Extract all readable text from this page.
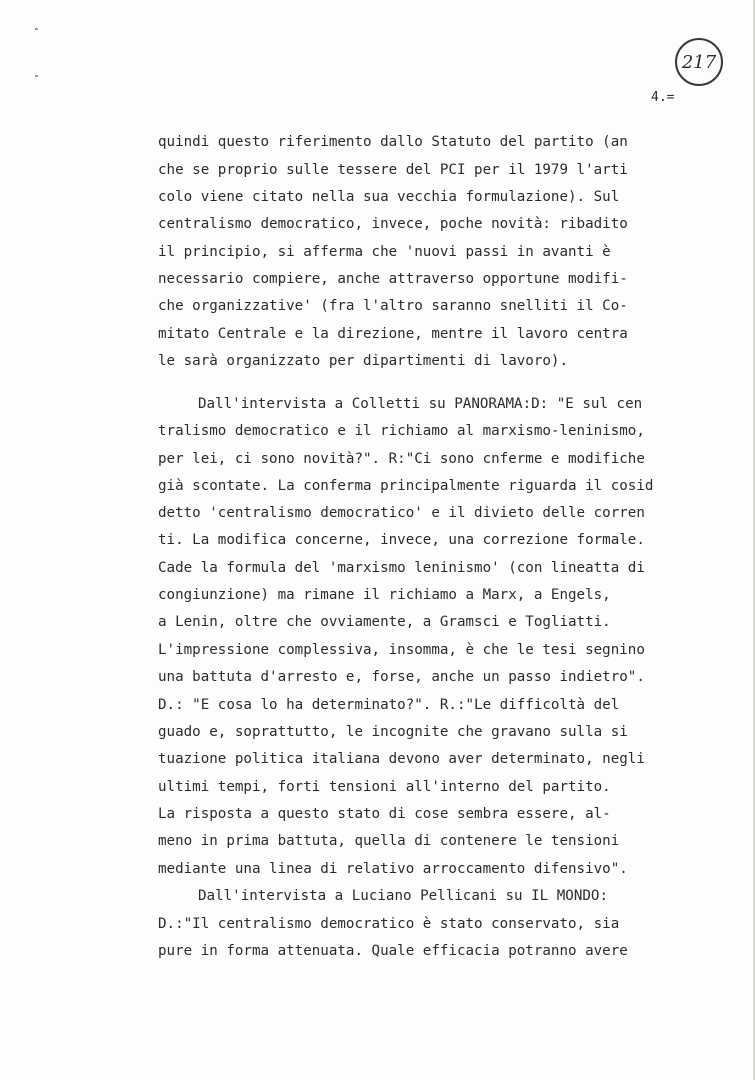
217
4.=
quindi questo riferimento dallo Statuto del partito (an
che se proprio sulle tessere del PCI per il 1979 l'arti
colo viene citato nella sua vecchia formulazione). Sul
centralismo democratico, invece, poche novità: ribadito
il principio, si afferma che 'nuovi passi in avanti è
necessario compiere, anche attraverso opportune modifi-
che organizzative' (fra l'altro saranno snelliti il Co-
mitato Centrale e la direzione, mentre il lavoro centra
le sarà organizzato per dipartimenti di lavoro).
Dall'intervista a Colletti su PANORAMA:D: "E sul cen
tralismo democratico e il richiamo al marxismo-leninismo,
per lei, ci sono novità?". R:"Ci sono cnferme e modifiche
già scontate. La conferma principalmente riguarda il cosid
detto 'centralismo democratico' e il divieto delle corren
ti. La modifica concerne, invece, una correzione formale.
Cade la formula del 'marxismo leninismo' (con lineatta di
congiunzione) ma rimane il richiamo a Marx, a Engels,
a Lenin, oltre che ovviamente, a Gramsci e Togliatti.
L'impressione complessiva, insomma, è che le tesi segnino
una battuta d'arresto e, forse, anche un passo indietro".
D.: "E cosa lo ha determinato?". R.:"Le difficoltà del
guado e, soprattutto, le incognite che gravano sulla si
tuazione politica italiana devono aver determinato, negli
ultimi tempi, forti tensioni all'interno del partito.
La risposta a questo stato di cose sembra essere, al-
meno in prima battuta, quella di contenere le tensioni
mediante una linea di relativo arroccamento difensivo".
Dall'intervista a Luciano Pellicani su IL MONDO:
D.:"Il centralismo democratico è stato conservato, sia
pure in forma attenuata. Quale efficacia potranno avere
